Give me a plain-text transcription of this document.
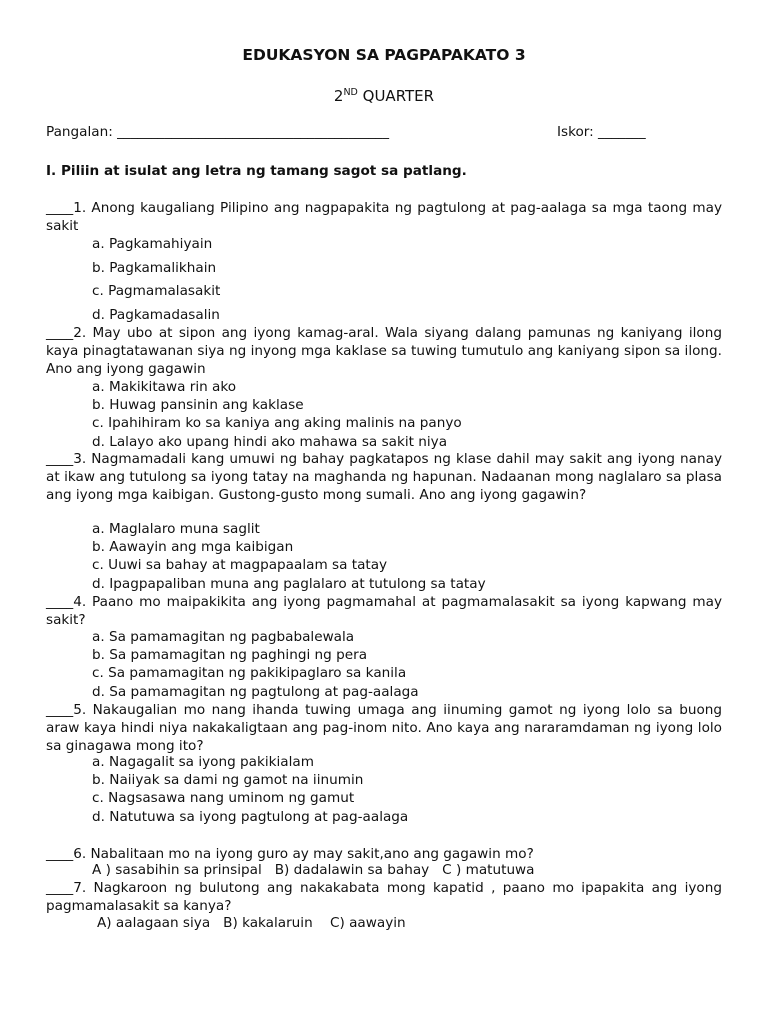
EDUKASYON SA PAGPAPAKATO 3
2ND QUARTER
Pangalan: ________________________________________	Iskor: _______
I. Piliin at isulat ang letra ng tamang sagot sa patlang.
____1. Anong kaugaliang Pilipino ang nagpapakita ng pagtulong at pag-aalaga sa mga taong may sakit
a. Pagkamahiyain
b. Pagkamalikhain
c. Pagmamalasakit
d. Pagkamadasalin
____2. May ubo at sipon ang iyong kamag-aral. Wala siyang dalang pamunas ng kaniyang ilong kaya pinagtatawanan siya ng inyong mga kaklase sa tuwing tumutulo ang kaniyang sipon sa ilong. Ano ang iyong gagawin
a. Makikitawa rin ako
b. Huwag pansinin ang kaklase
c. Ipahihiram ko sa kaniya ang aking malinis na panyo
d. Lalayo ako upang hindi ako mahawa sa sakit niya
____3. Nagmamadali kang umuwi ng bahay pagkatapos ng klase dahil may sakit ang iyong nanay at ikaw ang tutulong sa iyong tatay na maghanda ng hapunan. Nadaanan mong naglalaro sa plasa ang iyong mga kaibigan. Gustong-gusto mong sumali. Ano ang iyong gagawin?
a. Maglalaro muna saglit
b. Aawayin ang mga kaibigan
c. Uuwi sa bahay at magpapaalam sa tatay
d. Ipagpapaliban muna ang paglalaro at tutulong sa tatay
____4. Paano mo maipakikita ang iyong pagmamahal at pagmamalasakit sa iyong kapwang may sakit?
a. Sa pamamagitan ng pagbabalewala
b. Sa pamamagitan ng paghingi ng pera
c. Sa pamamagitan ng pakikipaglaro sa kanila
d. Sa pamamagitan ng pagtulong at pag-aalaga
____5. Nakaugalian mo nang ihanda tuwing umaga ang iinuming gamot ng iyong lolo sa buong araw kaya hindi niya nakakaligtaan ang pag-inom nito. Ano kaya ang nararamdaman ng iyong lolo sa ginagawa mong ito?
a. Nagagalit sa iyong pakikialam
b. Naiiyak sa dami ng gamot na iinumin
c. Nagsasawa nang uminom ng gamut
d. Natutuwa sa iyong pagtulong at pag-aalaga
____6. Nabalitaan mo na iyong guro ay may sakit,ano ang gagawin mo?
A ) sasabihin sa prinsipal   B) dadalawin sa bahay   C ) matutuwa
____7. Nagkaroon ng bulutong ang nakakabata mong kapatid , paano mo ipapakita ang iyong pagmamalasakit sa kanya?
A) aalagaan siya   B) kakalaruin    C) aawayin
